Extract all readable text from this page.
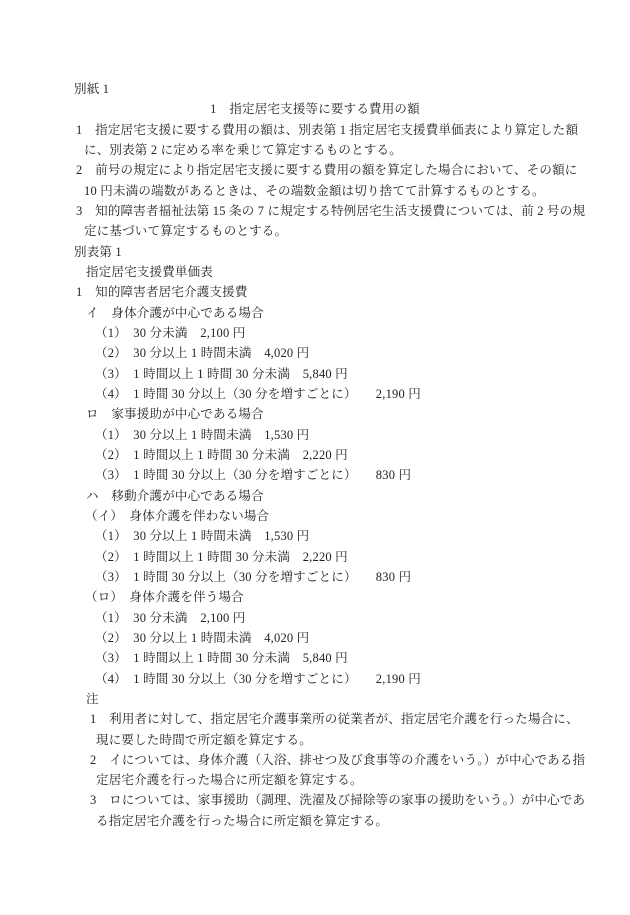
別紙 1
1　指定居宅支援等に要する費用の額
1　指定居宅支援に要する費用の額は、別表第 1 指定居宅支援費単価表により算定した額
に、別表第 2 に定める率を乗じて算定するものとする。
2　前号の規定により指定居宅支援に要する費用の額を算定した場合において、その額に
10 円未満の端数があるときは、その端数金額は切り捨てて計算するものとする。
3　知的障害者福祉法第 15 条の 7 に規定する特例居宅生活支援費については、前 2 号の規
定に基づいて算定するものとする。
別表第 1
指定居宅支援費単価表
1　知的障害者居宅介護支援費
イ　身体介護が中心である場合
（1）　30 分未満　2,100 円
（2）　30 分以上 1 時間未満　4,020 円
（3）　1 時間以上 1 時間 30 分未満　5,840 円
（4）　1 時間 30 分以上（30 分を増すごとに）　　2,190 円
ロ　家事援助が中心である場合
（1）　30 分以上 1 時間未満　1,530 円
（2）　1 時間以上 1 時間 30 分未満　2,220 円
（3）　1 時間 30 分以上（30 分を増すごとに）　　830 円
ハ　移動介護が中心である場合
（イ）　身体介護を伴わない場合
（1）　30 分以上 1 時間未満　1,530 円
（2）　1 時間以上 1 時間 30 分未満　2,220 円
（3）　1 時間 30 分以上（30 分を増すごとに）　　830 円
（ロ）　身体介護を伴う場合
（1）　30 分未満　2,100 円
（2）　30 分以上 1 時間未満　4,020 円
（3）　1 時間以上 1 時間 30 分未満　5,840 円
（4）　1 時間 30 分以上（30 分を増すごとに）　　2,190 円
注
1　利用者に対して、指定居宅介護事業所の従業者が、指定居宅介護を行った場合に、
現に要した時間で所定額を算定する。
2　イについては、身体介護（入浴、排せつ及び食事等の介護をいう。）が中心である指
定居宅介護を行った場合に所定額を算定する。
3　ロについては、家事援助（調理、洗濯及び掃除等の家事の援助をいう。）が中心であ
る指定居宅介護を行った場合に所定額を算定する。
